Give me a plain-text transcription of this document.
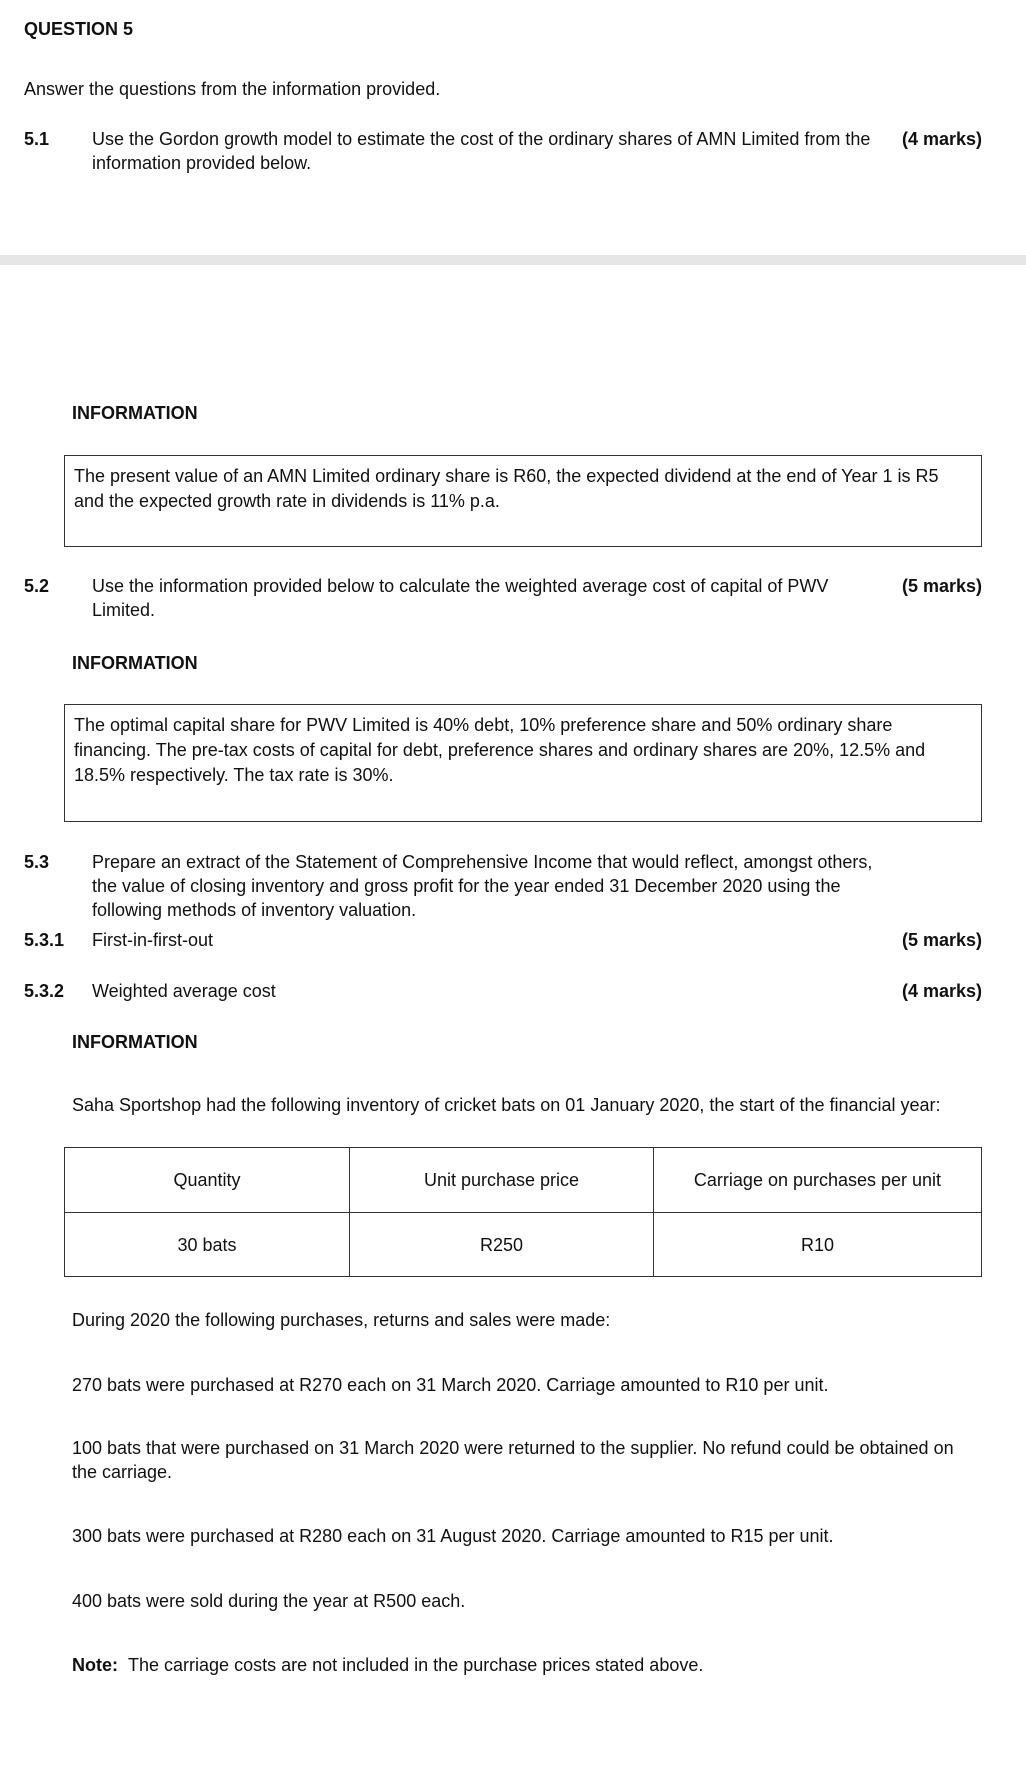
QUESTION 5
Answer the questions from the information provided.
5.1 Use the Gordon growth model to estimate the cost of the ordinary shares of AMN Limited from the information provided below.
(4 marks)
INFORMATION
The present value of an AMN Limited ordinary share is R60, the expected dividend at the end of Year 1 is R5 and the expected growth rate in dividends is 11% p.a.
5.2 Use the information provided below to calculate the weighted average cost of capital of PWV Limited.
(5 marks)
INFORMATION
The optimal capital share for PWV Limited is 40% debt, 10% preference share and 50% ordinary share financing. The pre-tax costs of capital for debt, preference shares and ordinary shares are 20%, 12.5% and 18.5% respectively. The tax rate is 30%.
5.3 Prepare an extract of the Statement of Comprehensive Income that would reflect, amongst others, the value of closing inventory and gross profit for the year ended 31 December 2020 using the following methods of inventory valuation.
5.3.1 First-in-first-out	(5 marks)
5.3.2 Weighted average cost	(4 marks)
INFORMATION
Saha Sportshop had the following inventory of cricket bats on 01 January 2020, the start of the financial year:
Quantity	Unit purchase price	Carriage on purchases per unit
30 bats	R250	R10
During 2020 the following purchases, returns and sales were made:
270 bats were purchased at R270 each on 31 March 2020. Carriage amounted to R10 per unit.
100 bats that were purchased on 31 March 2020 were returned to the supplier. No refund could be obtained on the carriage.
300 bats were purchased at R280 each on 31 August 2020. Carriage amounted to R15 per unit.
400 bats were sold during the year at R500 each.
Note: The carriage costs are not included in the purchase prices stated above.
